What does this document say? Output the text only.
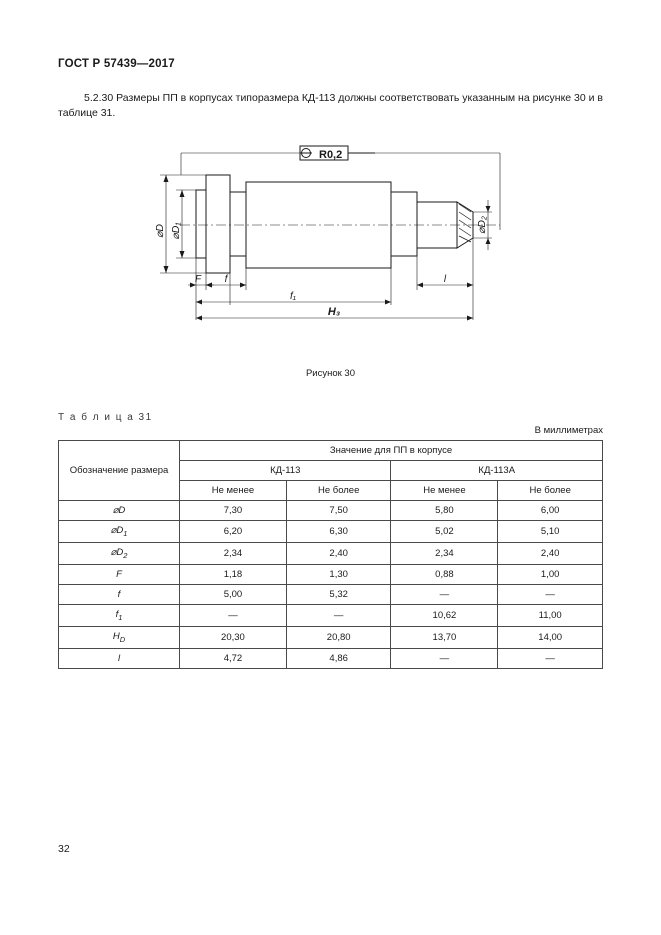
ГОСТ Р 57439—2017
5.2.30 Размеры ПП в корпусах типоразмера КД-113 должны соответствовать указанным на рисунке 30 и в таблице 31.
R0,2
⌀D ⌀D₁	⌀D₂
F f
f₁
l
H₃
Рисунок 30
Т а б л и ц а 31
В миллиметрах
Обозначение размера	Значение для ПП в корпусе			
	КД-113		КД-113А	
	Не менее	Не более	Не менее	Не более
⌀D	7,30	7,50	5,80	6,00
$⌀D_1$	6,20	6,30	5,02	5,10
$⌀D_2$	2,34	2,40	2,34	2,40
F	1,18	1,30	0,88	1,00
f	5,00	5,32	—	—
$f_1$	—	—	10,62	11,00
$H_D$	20,30	20,80	13,70	14,00
l	4,72	4,86	—	—
32
